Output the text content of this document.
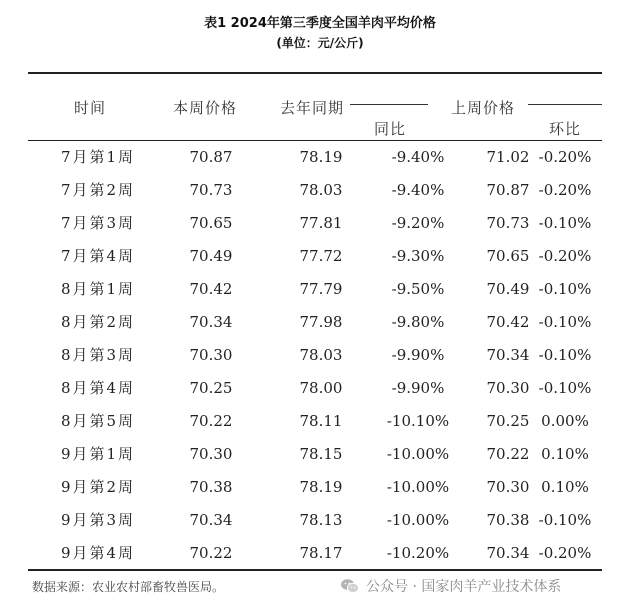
表1 2024年第三季度全国羊肉平均价格
(单位：元/公斤)
时间	本周价格	去年同期	上周价格
同比	环比
7月第1周	70.87	78.19	-9.40%	71.02 -0.20%
7月第2周	70.73	78.03	-9.40%	70.87 -0.20%
7月第3周	70.65	77.81	-9.20%	70.73 -0.10%
7月第4周	70.49	77.72	-9.30%	70.65 -0.20%
8月第1周	70.42	77.79	-9.50%	70.49 -0.10%
8月第2周	70.34	77.98	-9.80%	70.42 -0.10%
8月第3周	70.30	78.03	-9.90%	70.34 -0.10%
8月第4周	70.25	78.00	-9.90%	70.30 -0.10%
8月第5周	70.22	78.11	-10.10%	70.25 0.00%
9月第1周	70.30	78.15	-10.00%	70.22 0.10%
9月第2周	70.38	78.19	-10.00%	70.30 0.10%
9月第3周	70.34	78.13	-10.00%	70.38 -0.10%
9月第4周	70.22	78.17	-10.20%	70.34 -0.20%
数据来源：农业农村部畜牧兽医局。	公众号 · 国家肉羊产业技术体系
